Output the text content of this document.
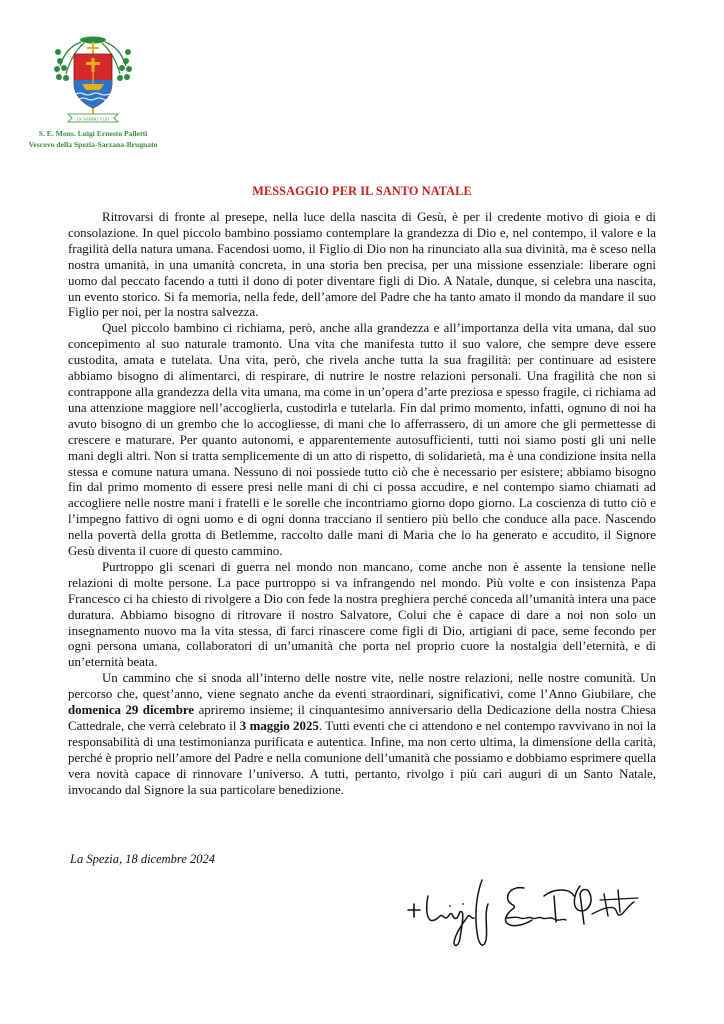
IN VERBO TUO
S. E. Mons. Luigi Ernesto Palletti
Vescovo della Spezia-Sarzana-Brugnato
MESSAGGIO PER IL SANTO NATALE

Ritrovarsi di fronte al presepe, nella luce della nascita di Gesù, è per il credente motivo di gioia e di consolazione. In quel piccolo bambino possiamo contemplare la grandezza di Dio e, nel contempo, il valore e la fragilità della natura umana. Facendosi uomo, il Figlio di Dio non ha rinunciato alla sua divinità, ma è sceso nella nostra umanità, in una umanità concreta, in una storia ben precisa, per una missione essenziale: liberare ogni uomo dal peccato facendo a tutti il dono di poter diventare figli di Dio. A Natale, dunque, si celebra una nascita, un evento storico. Si fa memoria, nella fede, dell’amore del Padre che ha tanto amato il mondo da mandare il suo Figlio per noi, per la nostra salvezza.

Quel piccolo bambino ci richiama, però, anche alla grandezza e all’importanza della vita umana, dal suo concepimento al suo naturale tramonto. Una vita che manifesta tutto il suo valore, che sempre deve essere custodita, amata e tutelata. Una vita, però, che rivela anche tutta la sua fragilità: per continuare ad esistere abbiamo bisogno di alimentarci, di respirare, di nutrire le nostre relazioni personali. Una fragilità che non si contrappone alla grandezza della vita umana, ma come in un’opera d’arte preziosa e spesso fragile, ci richiama ad una attenzione maggiore nell’accoglierla, custodirla e tutelarla. Fin dal primo momento, infatti, ognuno di noi ha avuto bisogno di un grembo che lo accogliesse, di mani che lo afferrassero, di un amore che gli permettesse di crescere e maturare. Per quanto autonomi, e apparentemente autosufficienti, tutti noi siamo posti gli uni nelle mani degli altri. Non si tratta semplicemente di un atto di rispetto, di solidarietà, ma è una condizione insita nella stessa e comune natura umana. Nessuno di noi possiede tutto ciò che è necessario per esistere; abbiamo bisogno fin dal primo momento di essere presi nelle mani di chi ci possa accudire, e nel contempo siamo chiamati ad accogliere nelle nostre mani i fratelli e le sorelle che incontriamo giorno dopo giorno. La coscienza di tutto ciò e l’impegno fattivo di ogni uomo e di ogni donna tracciano il sentiero più bello che conduce alla pace. Nascendo nella povertà della grotta di Betlemme, raccolto dalle mani di Maria che lo ha generato e accudito, il Signore Gesù diventa il cuore di questo cammino.

Purtroppo gli scenari di guerra nel mondo non mancano, come anche non è assente la tensione nelle relazioni di molte persone. La pace purtroppo si va infrangendo nel mondo. Più volte e con insistenza Papa Francesco ci ha chiesto di rivolgere a Dio con fede la nostra preghiera perché conceda all’umanità intera una pace duratura. Abbiamo bisogno di ritrovare il nostro Salvatore, Colui che è capace di dare a noi non solo un insegnamento nuovo ma la vita stessa, di farci rinascere come figli di Dio, artigiani di pace, seme fecondo per ogni persona umana, collaboratori di un’umanità che porta nel proprio cuore la nostalgia dell’eternità, e di un’eternità beata.

Un cammino che si snoda all’interno delle nostre vite, nelle nostre relazioni, nelle nostre comunità. Un percorso che, quest’anno, viene segnato anche da eventi straordinari, significativi, come l’Anno Giubilare, che domenica 29 dicembre apriremo insieme; il cinquantesimo anniversario della Dedicazione della nostra Chiesa Cattedrale, che verrà celebrato il 3 maggio 2025. Tutti eventi che ci attendono e nel contempo ravvivano in noi la responsabilità di una testimonianza purificata e autentica. Infine, ma non certo ultima, la dimensione della carità, perché è proprio nell’amore del Padre e nella comunione dell’umanità che possiamo e dobbiamo esprimere quella vera novità capace di rinnovare l’universo. A tutti, pertanto, rivolgo i più cari auguri di un Santo Natale, invocando dal Signore la sua particolare benedizione.

La Spezia, 18 dicembre 2024
